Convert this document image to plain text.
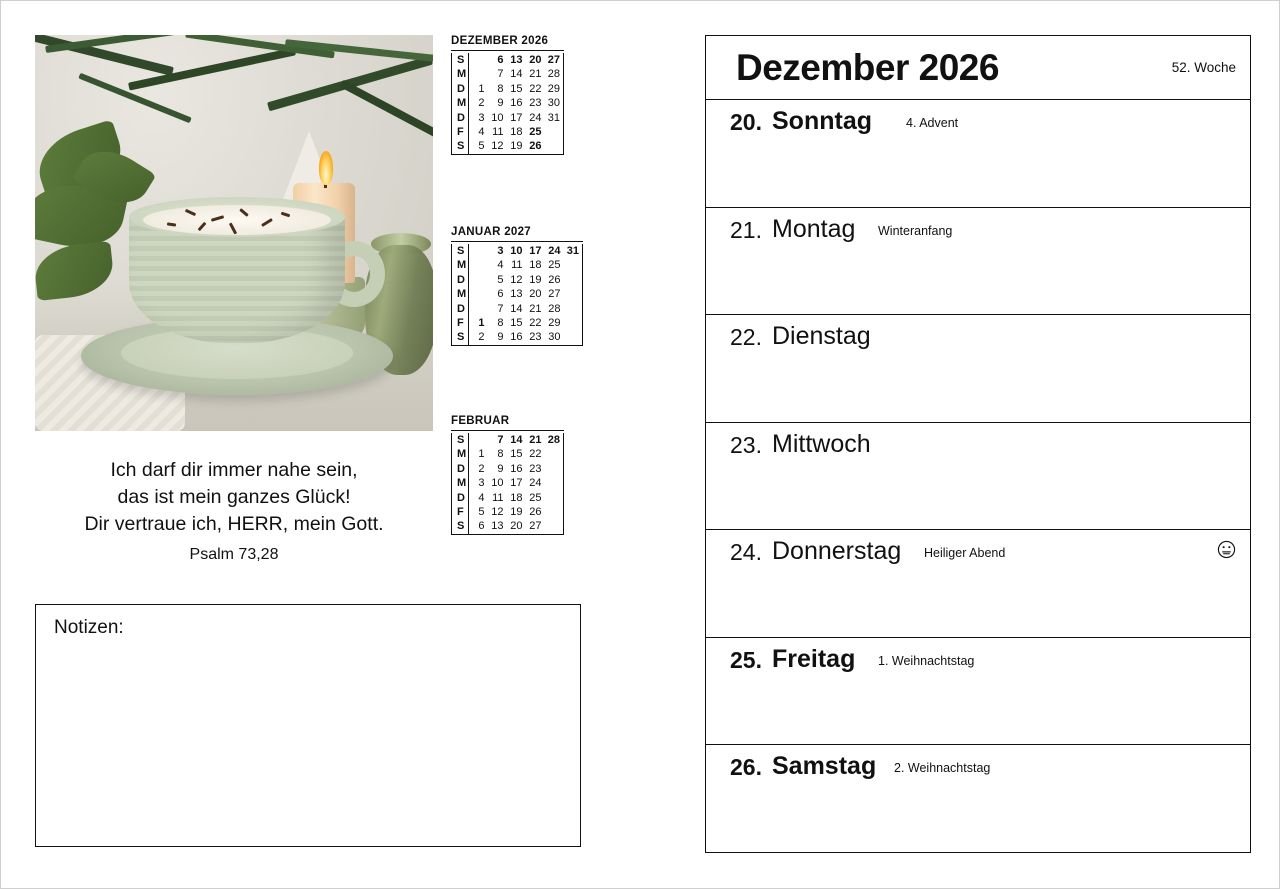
Ich darf dir immer nahe sein,
das ist mein ganzes Glück!
Dir vertraue ich, HERR, mein Gott.
Psalm 73,28
Notizen:
DEZEMBER 2026
S		6	13	20	27
M		7	14	21	28
D	1	8	15	22	29
M	2	9	16	23	30
D	3	10	17	24	31
F	4	11	18	25	
S	5	12	19	26	
JANUAR 2027
S		3	10	17	24	31
M		4	11	18	25	
D		5	12	19	26	
M		6	13	20	27	
D		7	14	21	28	
F	1	8	15	22	29	
S	2	9	16	23	30	
FEBRUAR
S		7	14	21	28
M	1	8	15	22	
D	2	9	16	23	
M	3	10	17	24	
D	4	11	18	25	
F	5	12	19	26	
S	6	13	20	27	
Dezember 2026	52. Woche
20. Sonntag	4. Advent
21. Montag Winteranfang
22. Dienstag
23. Mittwoch
24. Donnerstag Heiliger Abend
25. Freitag 1. Weihnachtstag
26. Samstag 2. Weihnachtstag
